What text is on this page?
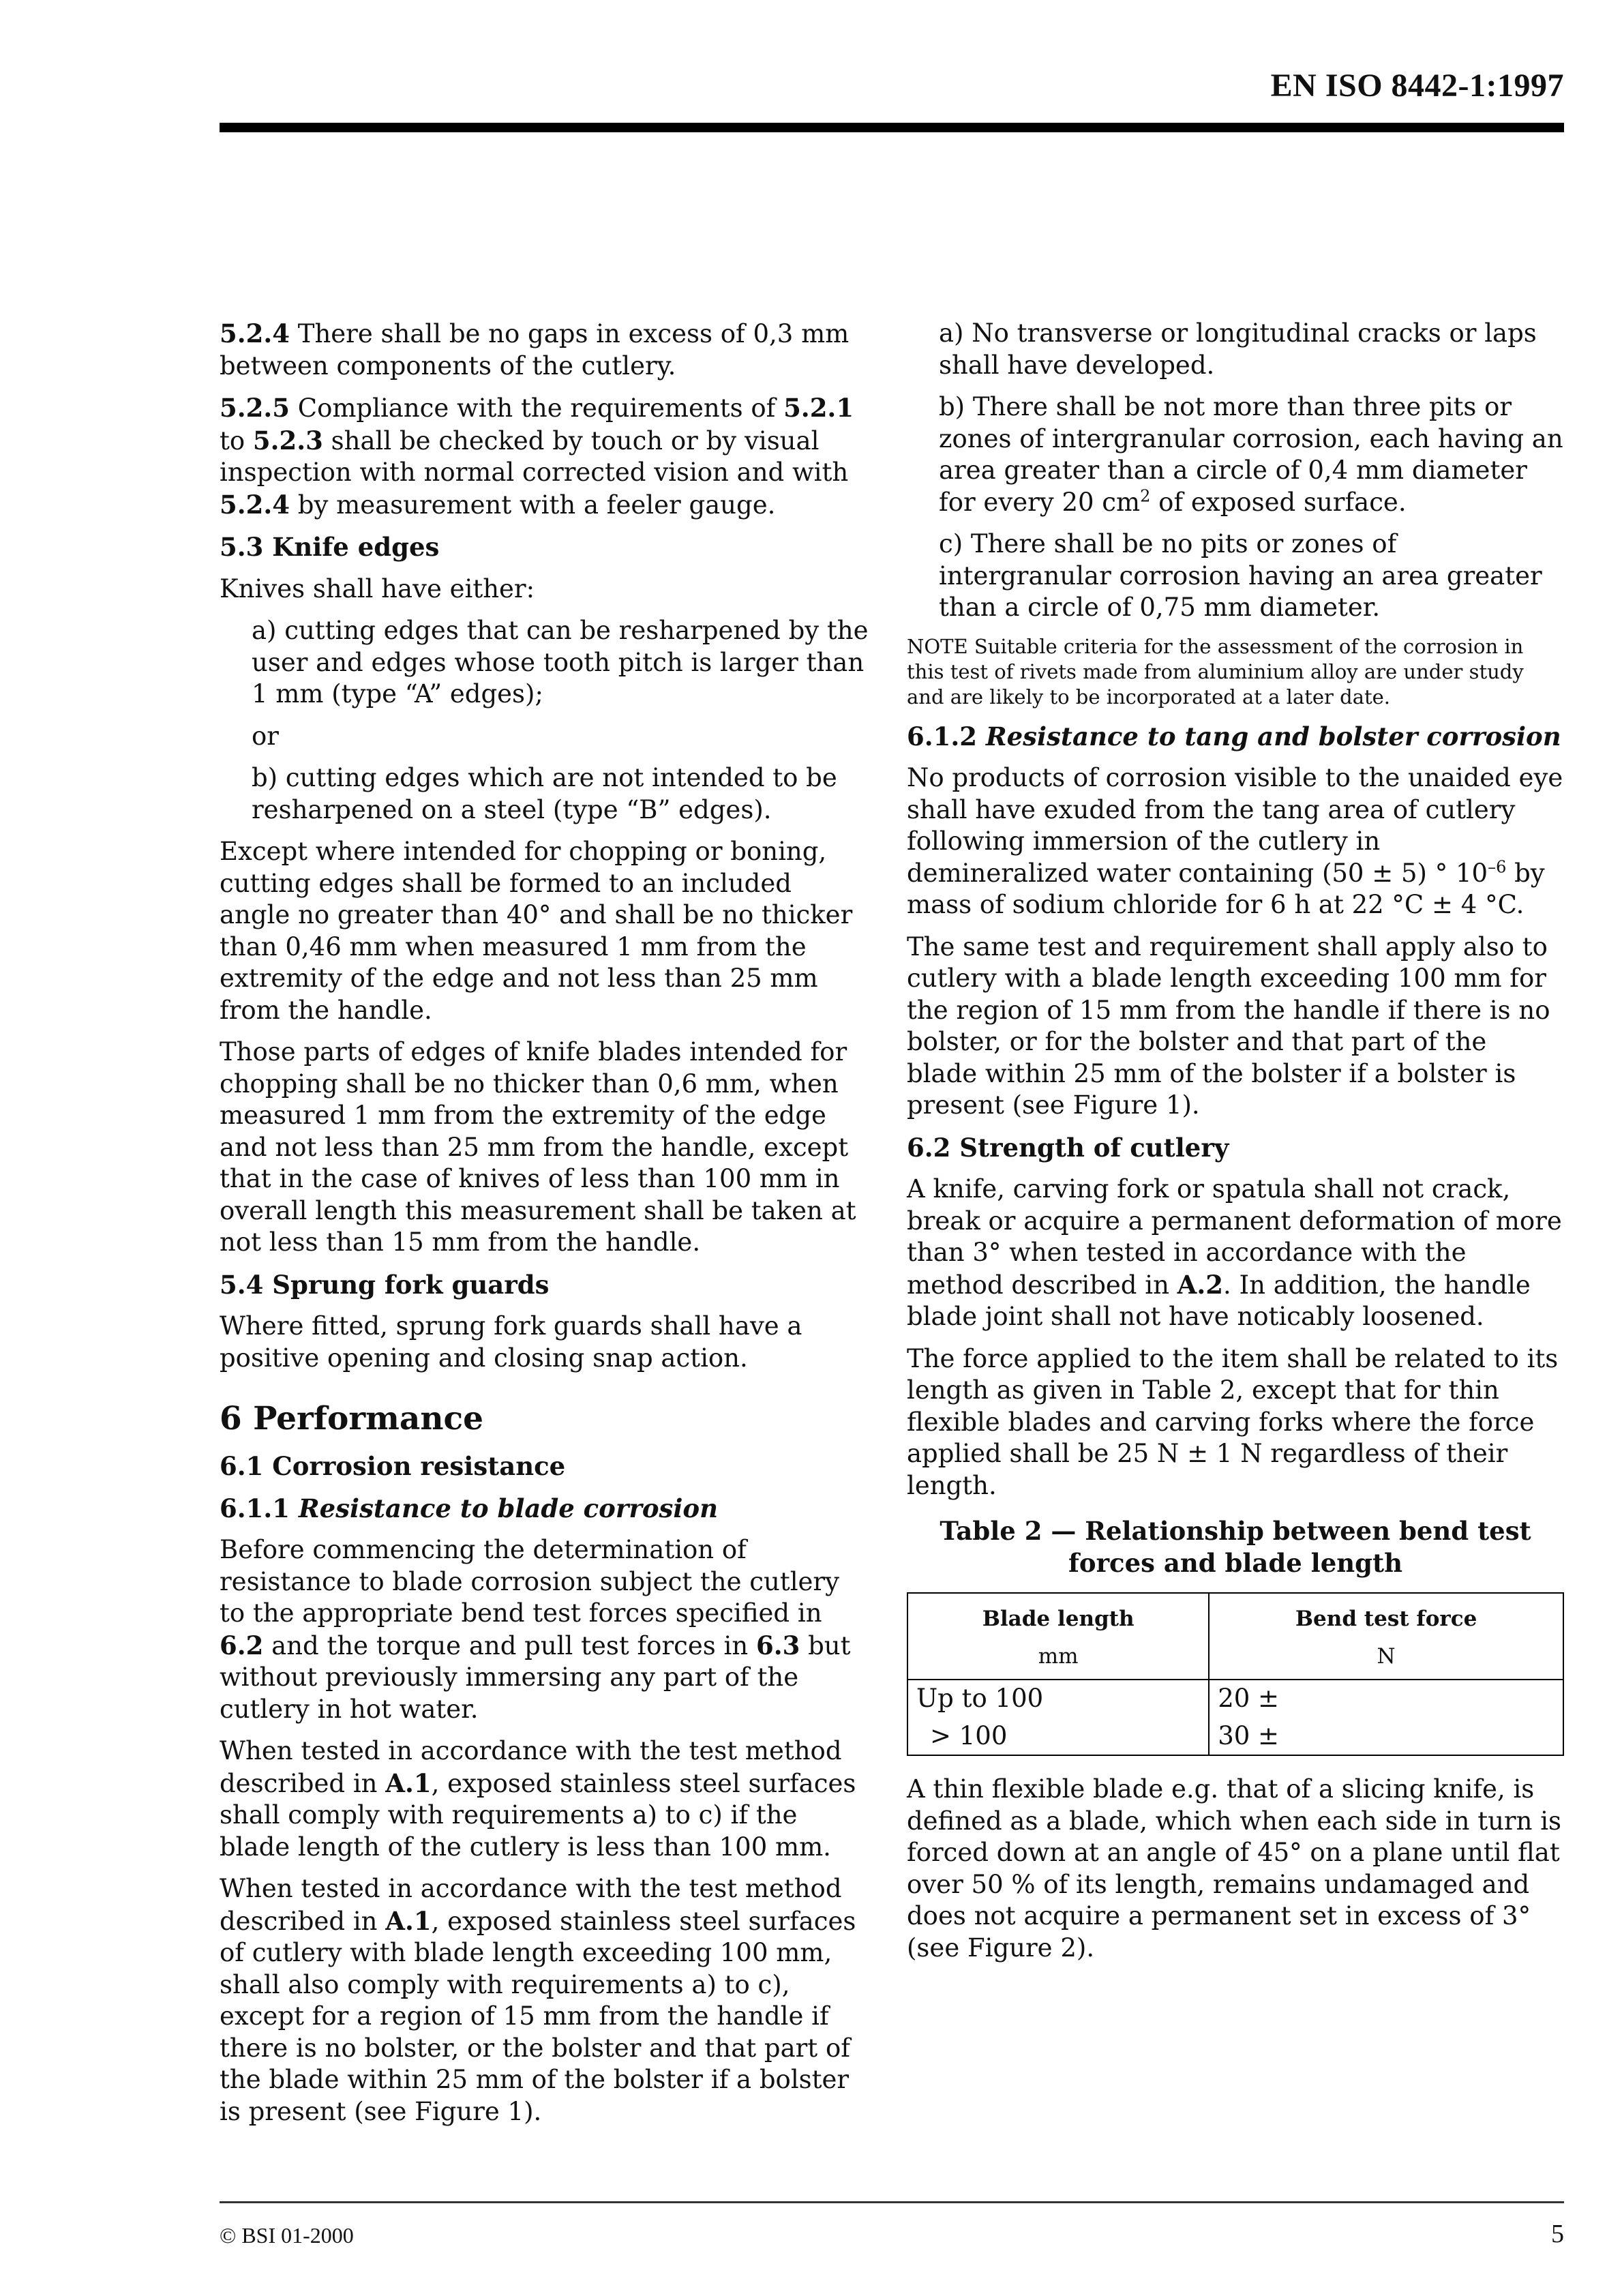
EN ISO 8442-1:1997

5.2.4 There shall be no gaps in excess of 0,3 mm between components of the cutlery.

5.2.5 Compliance with the requirements of 5.2.1 to 5.2.3 shall be checked by touch or by visual inspection with normal corrected vision and with 5.2.4 by measurement with a feeler gauge.

5.3 Knife edges

Knives shall have either:

a) cutting edges that can be resharpened by the user and edges whose tooth pitch is larger than 1 mm (type “A” edges);

or

b) cutting edges which are not intended to be resharpened on a steel (type “B” edges).

Except where intended for chopping or boning, cutting edges shall be formed to an included angle no greater than 40° and shall be no thicker than 0,46 mm when measured 1 mm from the extremity of the edge and not less than 25 mm from the handle.

Those parts of edges of knife blades intended for chopping shall be no thicker than 0,6 mm, when measured 1 mm from the extremity of the edge and not less than 25 mm from the handle, except that in the case of knives of less than 100 mm in overall length this measurement shall be taken at not less than 15 mm from the handle.

5.4 Sprung fork guards

Where fitted, sprung fork guards shall have a positive opening and closing snap action.

6 Performance
6.1 Corrosion resistance
6.1.1 Resistance to blade corrosion

Before commencing the determination of resistance to blade corrosion subject the cutlery to the appropriate bend test forces specified in 6.2 and the torque and pull test forces in 6.3 but without previously immersing any part of the cutlery in hot water.

When tested in accordance with the test method described in A.1, exposed stainless steel surfaces shall comply with requirements a) to c) if the blade length of the cutlery is less than 100 mm.

When tested in accordance with the test method described in A.1, exposed stainless steel surfaces of cutlery with blade length exceeding 100 mm, shall also comply with requirements a) to c), except for a region of 15 mm from the handle if there is no bolster, or the bolster and that part of the blade within 25 mm of the bolster if a bolster is present (see Figure 1).

a) No transverse or longitudinal cracks or laps shall have developed.

b) There shall be not more than three pits or zones of intergranular corrosion, each having an area greater than a circle of 0,4 mm diameter for every 20 $cm^2$ of exposed surface.

c) There shall be no pits or zones of intergranular corrosion having an area greater than a circle of 0,75 mm diameter.

NOTE Suitable criteria for the assessment of the corrosion in this test of rivets made from aluminium alloy are under study and are likely to be incorporated at a later date.

6.1.2 Resistance to tang and bolster corrosion

No products of corrosion visible to the unaided eye shall have exuded from the tang area of cutlery following immersion of the cutlery in demineralized water containing (50 ± 5) ° $10^{-6}$ by mass of sodium chloride for 6 h at 22 °C ± 4 °C.

The same test and requirement shall apply also to cutlery with a blade length exceeding 100 mm for the region of 15 mm from the handle if there is no bolster, or for the bolster and that part of the blade within 25 mm of the bolster if a bolster is present (see Figure 1).

6.2 Strength of cutlery

A knife, carving fork or spatula shall not crack, break or acquire a permanent deformation of more than 3° when tested in accordance with the method described in A.2. In addition, the handle blade joint shall not have noticably loosened.

The force applied to the item shall be related to its length as given in Table 2, except that for thin flexible blades and carving forks where the force applied shall be 25 N ± 1 N regardless of their length.

Table 2 — Relationship between bend test forces and blade length
Blade length	Bend test force
mm	N
Up to 100	20 ±
> 100	30 ±

A thin flexible blade e.g. that of a slicing knife, is defined as a blade, which when each side in turn is forced down at an angle of 45° on a plane until flat over 50 % of its length, remains undamaged and does not acquire a permanent set in excess of 3° (see Figure 2).

© BSI 01-2000	5
